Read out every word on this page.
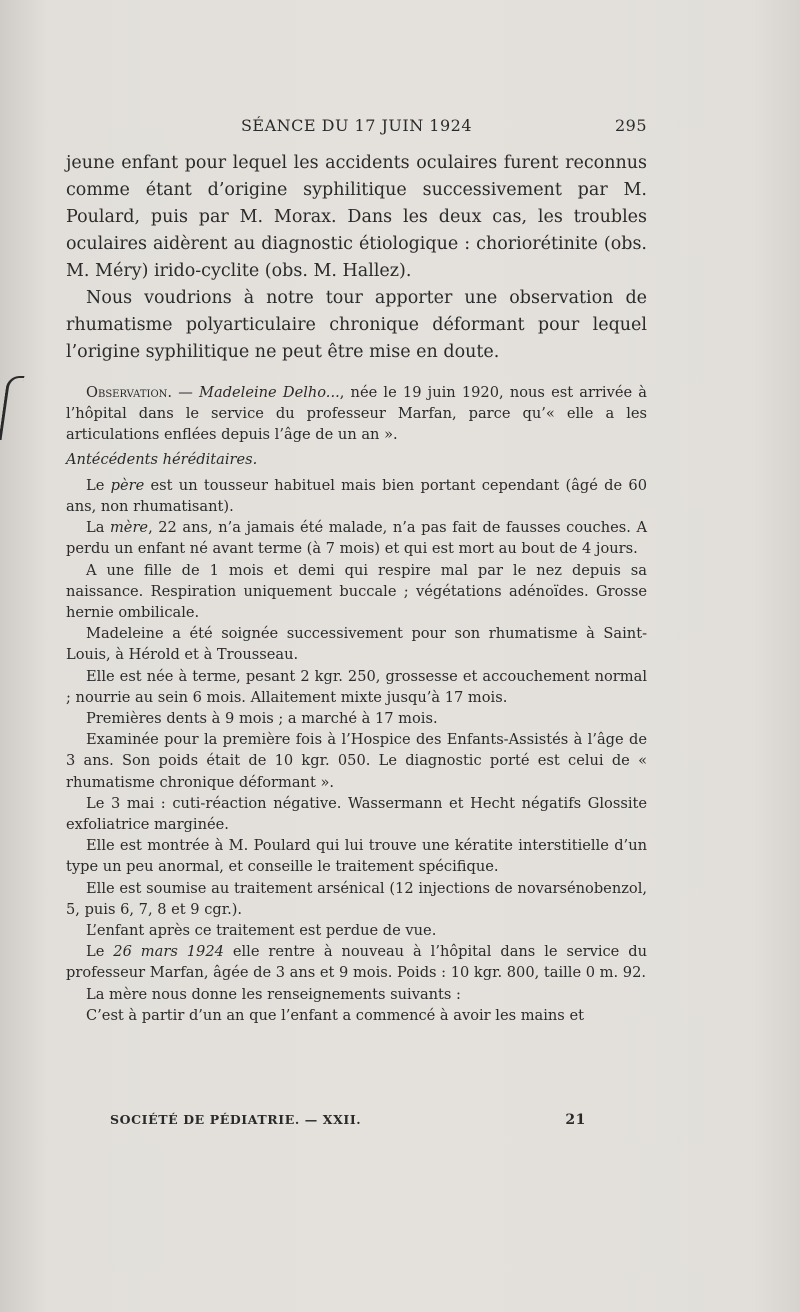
SÉANCE DU 17 JUIN 1924	295

jeune enfant pour lequel les accidents oculaires furent reconnus comme étant d’origine syphilitique successivement par M. Poulard, puis par M. Morax. Dans les deux cas, les troubles oculaires aidèrent au diagnostic étiologique : choriorétinite (obs. M. Méry) irido-cyclite (obs. M. Hallez).

Nous voudrions à notre tour apporter une observation de rhumatisme polyarticulaire chronique déformant pour lequel l’origine syphilitique ne peut être mise en doute.

Observation. — Madeleine Delho..., née le 19 juin 1920, nous est arrivée à l’hôpital dans le service du professeur Marfan, parce qu’« elle a les articulations enflées depuis l’âge de un an ».

Antécédents héréditaires.

Le père est un tousseur habituel mais bien portant cependant (âgé de 60 ans, non rhumatisant).

La mère, 22 ans, n’a jamais été malade, n’a pas fait de fausses couches. A perdu un enfant né avant terme (à 7 mois) et qui est mort au bout de 4 jours.

A une fille de 1 mois et demi qui respire mal par le nez depuis sa naissance. Respiration uniquement buccale ; végétations adénoïdes. Grosse hernie ombilicale.

Madeleine a été soignée successivement pour son rhumatisme à Saint-Louis, à Hérold et à Trousseau.

Elle est née à terme, pesant 2 kgr. 250, grossesse et accouchement normal ; nourrie au sein 6 mois. Allaitement mixte jusqu’à 17 mois.

Premières dents à 9 mois ; a marché à 17 mois.

Examinée pour la première fois à l’Hospice des Enfants-Assistés à l’âge de 3 ans. Son poids était de 10 kgr. 050. Le diagnostic porté est celui de « rhumatisme chronique déformant ».

Le 3 mai : cuti-réaction négative. Wassermann et Hecht négatifs Glossite exfoliatrice marginée.

Elle est montrée à M. Poulard qui lui trouve une kératite interstitielle d’un type un peu anormal, et conseille le traitement spécifique.

Elle est soumise au traitement arsénical (12 injections de novarsénobenzol, 5, puis 6, 7, 8 et 9 cgr.).

L’enfant après ce traitement est perdue de vue.

Le 26 mars 1924 elle rentre à nouveau à l’hôpital dans le service du professeur Marfan, âgée de 3 ans et 9 mois. Poids : 10 kgr. 800, taille 0 m. 92.

La mère nous donne les renseignements suivants :

C’est à partir d’un an que l’enfant a commencé à avoir les mains et

SOCIÉTÉ DE PÉDIATRIE. — XXII.	21
